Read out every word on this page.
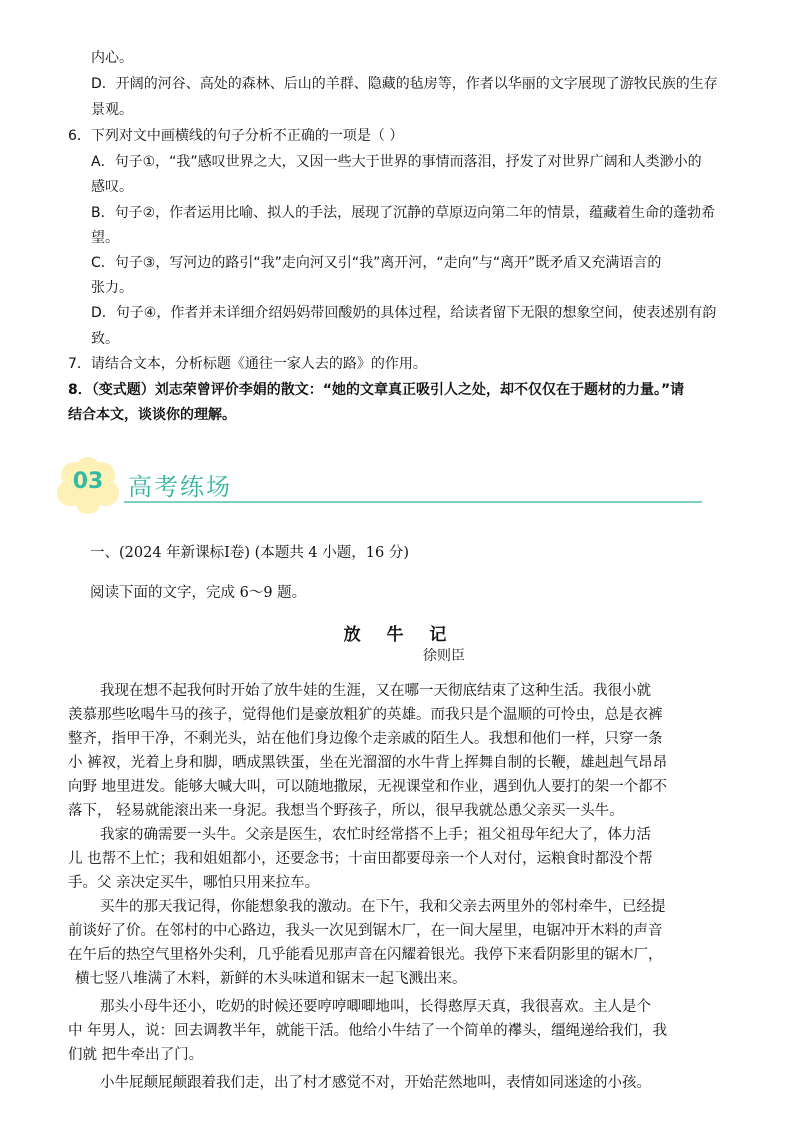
内心。
D．开阔的河谷、高处的森林、后山的羊群、隐藏的毡房等，作者以华丽的文字展现了游牧民族的生存
景观。
6．下列对文中画横线的句子分析不正确的一项是（ ）
A．句子①，“我”感叹世界之大，又因一些大于世界的事情而落泪，抒发了对世界广阔和人类渺小的
感叹。
B．句子②，作者运用比喻、拟人的手法，展现了沉静的草原迈向第二年的情景，蕴藏着生命的蓬勃希
望。
C．句子③，写河边的路引“我”走向河又引“我”离开河，“走向”与“离开”既矛盾又充满语言的
张力。
D．句子④，作者并未详细介绍妈妈带回酸奶的具体过程，给读者留下无限的想象空间，使表述别有韵
致。
7．请结合文本，分析标题《通往一家人去的路》的作用。
8．（变式题）刘志荣曾评价李娟的散文：“她的文章真正吸引人之处，却不仅仅在于题材的力量。”请
结合本文，谈谈你的理解。
03	高考练场
一、(2024 年新课标Ⅰ卷) (本题共 4 小题，16 分)
阅读下面的文字，完成 6～9 题。
放 牛 记
徐则臣
我现在想不起我何时开始了放牛娃的生涯，又在哪一天彻底结束了这种生活。我很小就
羡慕那些吆喝牛马的孩子，觉得他们是豪放粗犷的英雄。而我只是个温顺的可怜虫，总是衣裤
整齐，指甲干净，不剩光头，站在他们身边像个走亲戚的陌生人。我想和他们一样，只穿一条
小 裤衩，光着上身和脚，晒成黑铁蛋，坐在光溜溜的水牛背上挥舞自制的长鞭，雄赳赳气昂昂
向野 地里进发。能够大喊大叫，可以随地撒尿，无视课堂和作业，遇到仇人要打的架一个都不
落下， 轻易就能滚出来一身泥。我想当个野孩子，所以，很早我就怂恿父亲买一头牛。
我家的确需要一头牛。父亲是医生，农忙时经常搭不上手；祖父祖母年纪大了，体力活
儿 也帮不上忙；我和姐姐都小，还要念书；十亩田都要母亲一个人对付，运粮食时都没个帮
手。父 亲决定买牛，哪怕只用来拉车。
买牛的那天我记得，你能想象我的激动。在下午，我和父亲去两里外的邻村牵牛，已经提
前谈好了价。在邻村的中心路边，我头一次见到锯木厂，在一间大屋里，电锯冲开木料的声音
在午后的热空气里格外尖利，几乎能看见那声音在闪耀着银光。我停下来看阴影里的锯木厂，
横七竖八堆满了木料，新鲜的木头味道和锯末一起飞溅出来。
那头小母牛还小，吃奶的时候还要哼哼唧唧地叫，长得憨厚天真，我很喜欢。主人是个
中 年男人，说：回去调教半年，就能干活。他给小牛结了一个简单的襻头，缰绳递给我们，我
们就 把牛牵出了门。
小牛屁颠屁颠跟着我们走，出了村才感觉不对，开始茫然地叫，表情如同迷途的小孩。
